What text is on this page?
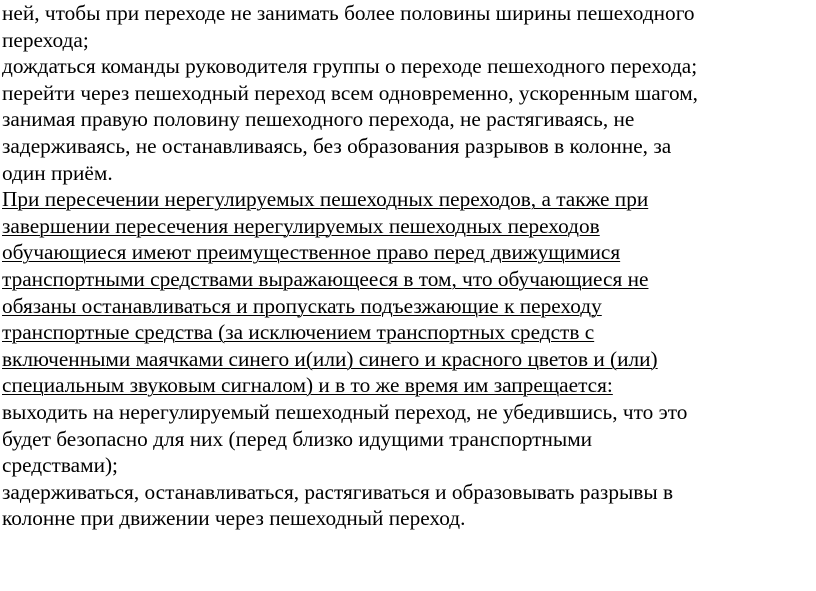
ней, чтобы при переходе не занимать более половины ширины пешеходного
перехода;
дождаться команды руководителя группы о переходе пешеходного перехода;
перейти через пешеходный переход всем одновременно, ускоренным шагом,
занимая правую половину пешеходного перехода, не растягиваясь, не
задерживаясь, не останавливаясь, без образования разрывов в колонне, за
один приём.
При пересечении нерегулируемых пешеходных переходов, а также при
завершении пересечения нерегулируемых пешеходных переходов
обучающиеся имеют преимущественное право перед движущимися
транспортными средствами выражающееся в том, что обучающиеся не
обязаны останавливаться и пропускать подъезжающие к переходу
транспортные средства (за исключением транспортных средств с
включенными маячками синего и(или) синего и красного цветов и (или)
специальным звуковым сигналом) и в то же время им запрещается:
выходить на нерегулируемый пешеходный переход, не убедившись, что это
будет безопасно для них (перед близко идущими транспортными
средствами);
задерживаться, останавливаться, растягиваться и образовывать разрывы в
колонне при движении через пешеходный переход.
